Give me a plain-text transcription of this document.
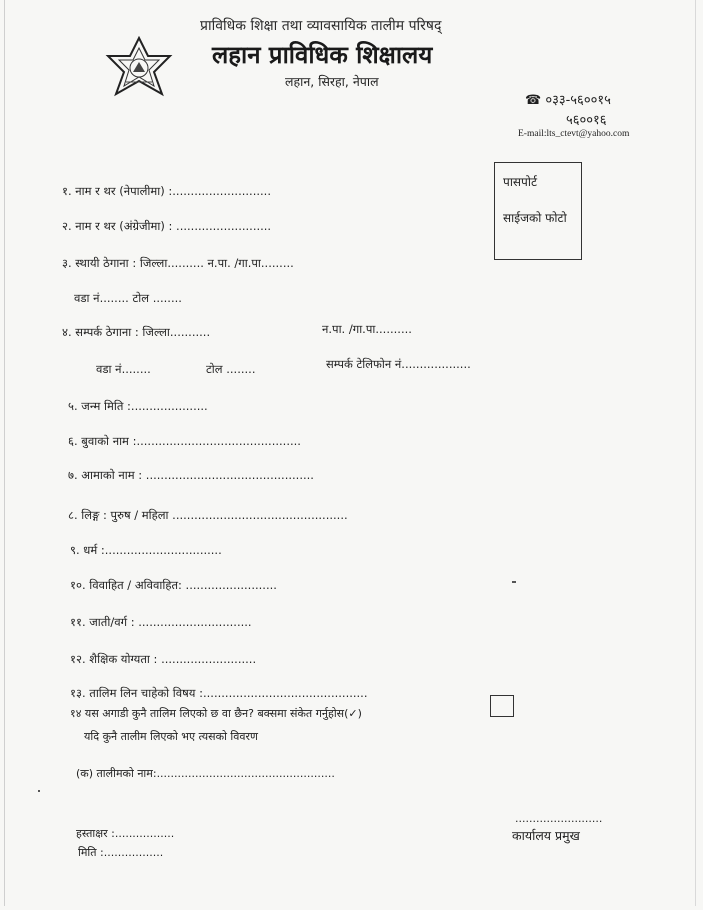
प्राविधिक शिक्षा तथा व्यावसायिक तालीम परिषद्
लहान प्राविधिक शिक्षालय
लहान, सिरहा, नेपाल
☎ ०३३-५६००१५
५६००१६
E-mail:lts_ctevt@yahoo.com
पासपोर्ट
साईजको फोटो
१. नाम र थर (नेपालीमा) :...........................
२. नाम र थर (अंग्रेजीमा) : ..........................
३. स्थायी ठेगाना : जिल्ला.......... न.पा. /गा.पा.........
वडा नं........ टोल ........
४. सम्पर्क ठेगाना : जिल्ला...........	न.पा. /गा.पा..........
वडा नं........	टोल ........	सम्पर्क टेलिफोन नं...................
५. जन्म मिति :.....................
६. बुवाको नाम :.............................................
७. आमाको नाम : ..............................................
८. लिङ्ग : पुरुष / महिला ................................................
९. धर्म :................................
१०. विवाहित / अविवाहित: .........................
११. जाती/वर्ग : ...............................
१२. शैक्षिक योग्यता : ..........................
१३. तालिम लिन चाहेको विषय :.............................................
१४ यस अगाडी कुनै तालिम लिएको छ वा छैन? बक्समा संकेत गर्नुहोस(✓)
यदि कुनै तालीम लिएको भए त्यसको विवरण
(क) तालीमको नाम:...................................................
हस्ताक्षर :.................
मिति :.................
.........................
कार्यालय प्रमुख
